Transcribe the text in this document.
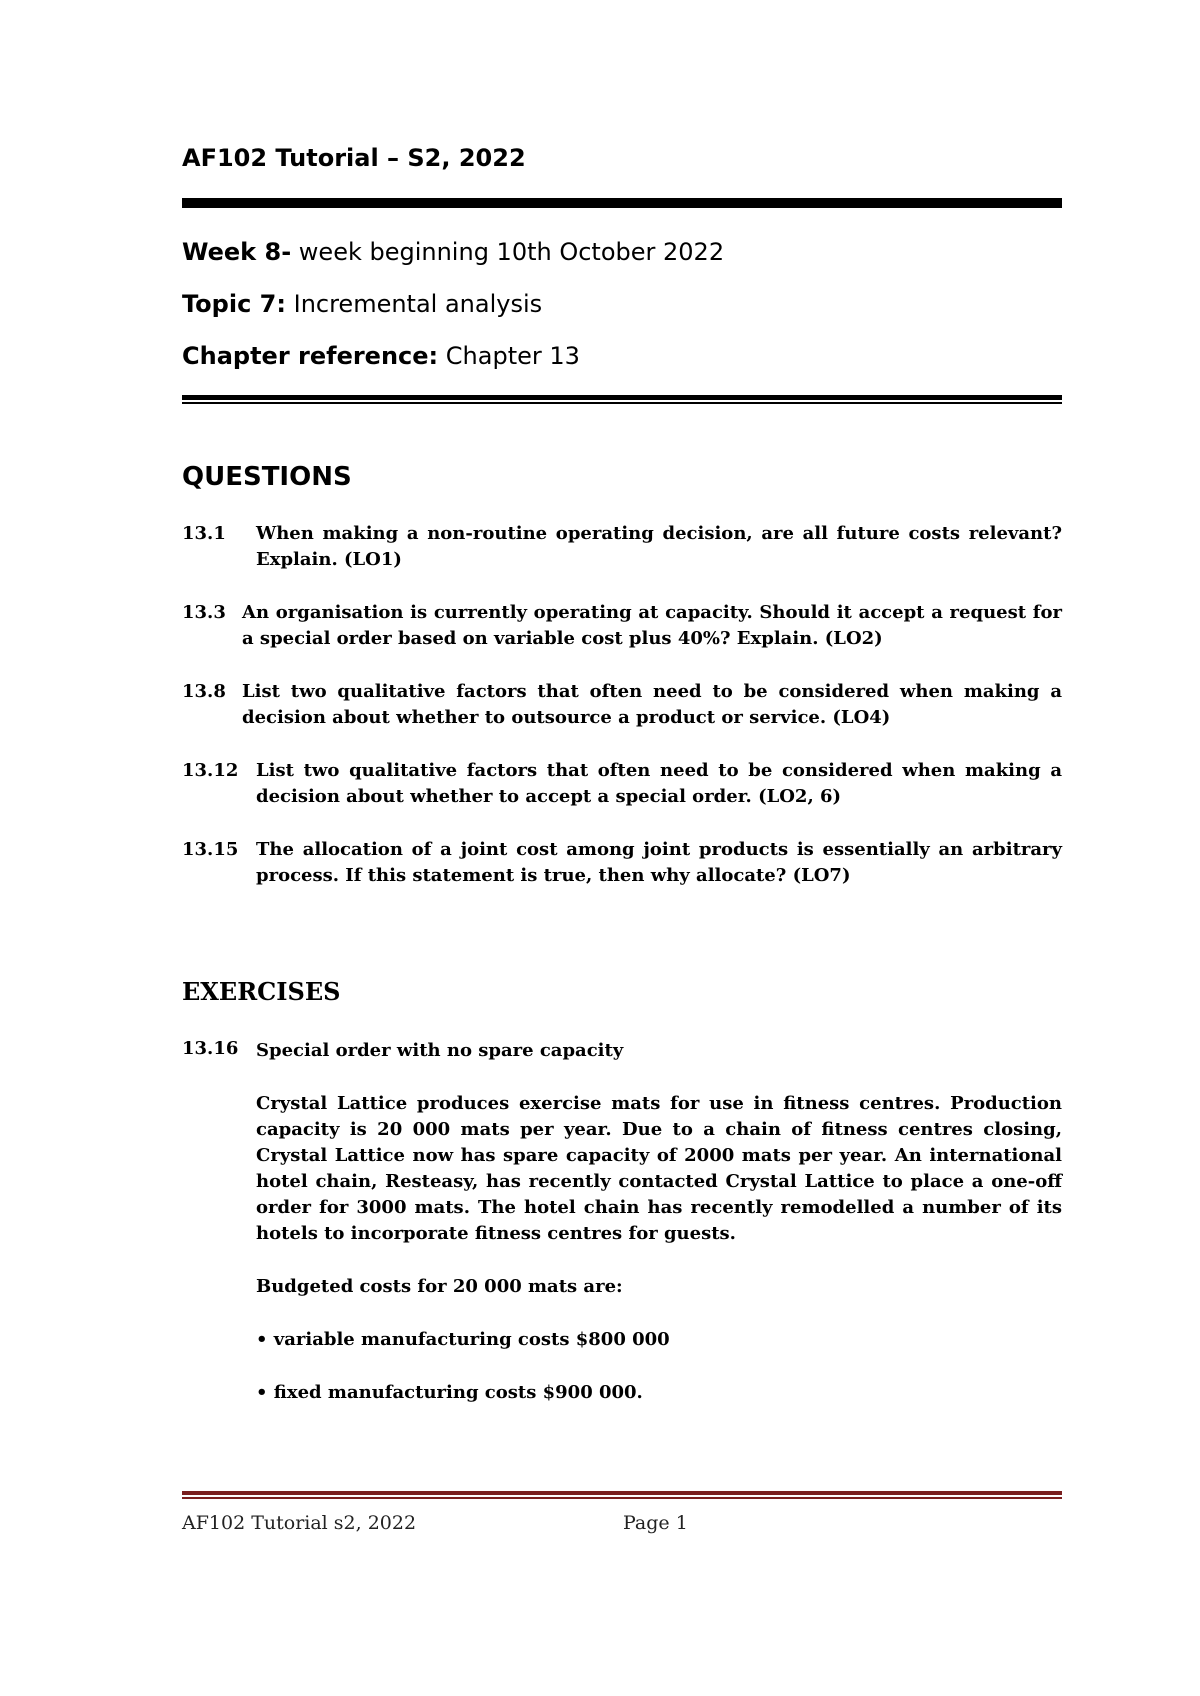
AF102 Tutorial – S2, 2022
Week 8- week beginning 10th October 2022
Topic 7: Incremental analysis
Chapter reference: Chapter 13
QUESTIONS
13.1 When making a non-routine operating decision, are all future costs relevant? Explain. (LO1)
13.3 An organisation is currently operating at capacity. Should it accept a request for a special order based on variable cost plus 40%? Explain. (LO2)
13.8 List two qualitative factors that often need to be considered when making a decision about whether to outsource a product or service. (LO4)
13.12 List two qualitative factors that often need to be considered when making a decision about whether to accept a special order. (LO2, 6)
13.15 The allocation of a joint cost among joint products is essentially an arbitrary process. If this statement is true, then why allocate? (LO7)
EXERCISES
13.16 Special order with no spare capacity
Crystal Lattice produces exercise mats for use in fitness centres. Production capacity is 20 000 mats per year. Due to a chain of fitness centres closing, Crystal Lattice now has spare capacity of 2000 mats per year. An international hotel chain, Resteasy, has recently contacted Crystal Lattice to place a one-off order for 3000 mats. The hotel chain has recently remodelled a number of its hotels to incorporate fitness centres for guests.
Budgeted costs for 20 000 mats are:
• variable manufacturing costs $800 000
• fixed manufacturing costs $900 000.
AF102 Tutorial s2, 2022	Page 1
